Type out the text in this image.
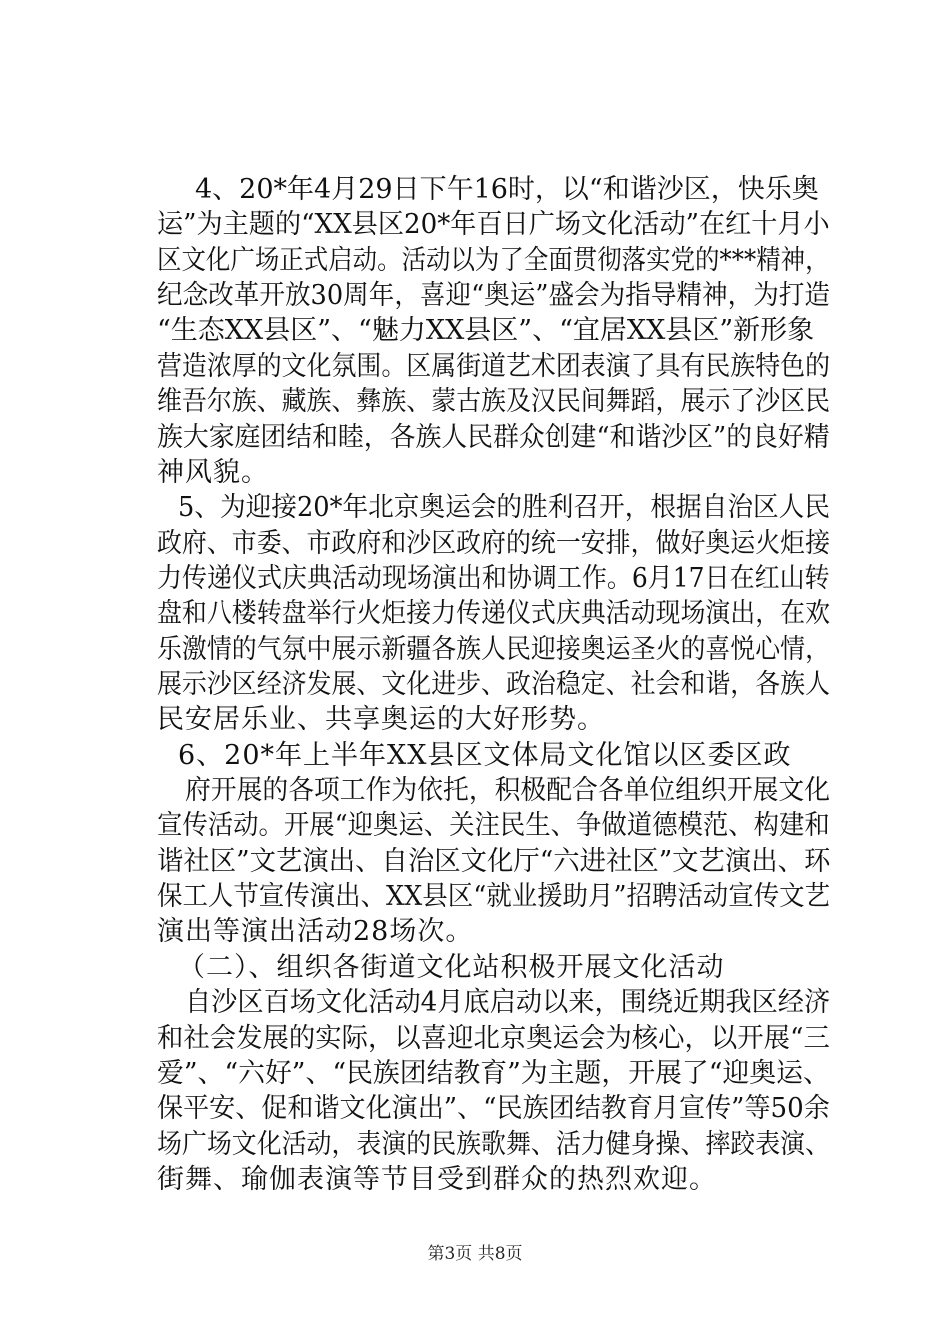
4、20*年4月29日下午16时，以“和谐沙区，快乐奥
运”为主题的“XX县区20*年百日广场文化活动”在红十月小
区文化广场正式启动。活动以为了全面贯彻落实党的***精神，
纪念改革开放30周年，喜迎“奥运”盛会为指导精神，为打造
“生态XX县区”、“魅力XX县区”、“宜居XX县区”新形象
营造浓厚的文化氛围。区属街道艺术团表演了具有民族特色的
维吾尔族、藏族、彝族、蒙古族及汉民间舞蹈，展示了沙区民
族大家庭团结和睦，各族人民群众创建“和谐沙区”的良好精
神风貌。
5、为迎接20*年北京奥运会的胜利召开，根据自治区人民
政府、市委、市政府和沙区政府的统一安排，做好奥运火炬接
力传递仪式庆典活动现场演出和协调工作。6月17日在红山转
盘和八楼转盘举行火炬接力传递仪式庆典活动现场演出，在欢
乐激情的气氛中展示新疆各族人民迎接奥运圣火的喜悦心情，
展示沙区经济发展、文化进步、政治稳定、社会和谐，各族人
民安居乐业、共享奥运的大好形势。
6、20*年上半年XX县区文体局文化馆以区委区政
府开展的各项工作为依托，积极配合各单位组织开展文化
宣传活动。开展“迎奥运、关注民生、争做道德模范、构建和
谐社区”文艺演出、自治区文化厅“六进社区”文艺演出、环
保工人节宣传演出、XX县区“就业援助月”招聘活动宣传文艺
演出等演出活动28场次。
（二）、组织各街道文化站积极开展文化活动
自沙区百场文化活动4月底启动以来，围绕近期我区经济
和社会发展的实际，以喜迎北京奥运会为核心，以开展“三
爱”、“六好”、“民族团结教育”为主题，开展了“迎奥运、
保平安、促和谐文化演出”、“民族团结教育月宣传”等50余
场广场文化活动，表演的民族歌舞、活力健身操、摔跤表演、
街舞、瑜伽表演等节目受到群众的热烈欢迎。
第3页 共8页
